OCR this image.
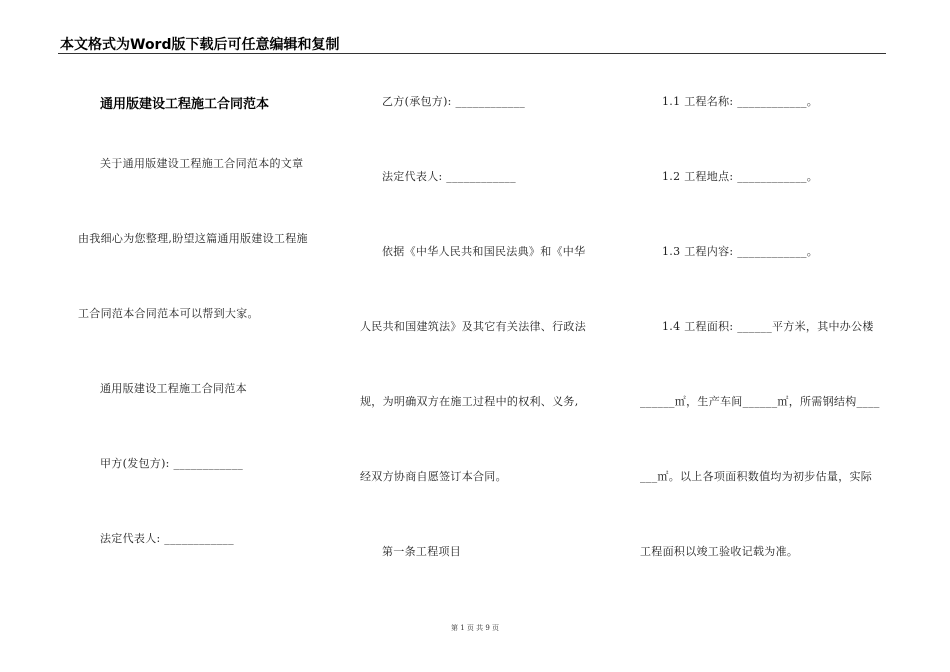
本文格式为Word版下载后可任意编辑和复制
通用版建设工程施工合同范本
关于通用版建设工程施工合同范本的文章
由我细心为您整理,盼望这篇通用版建设工程施
工合同范本合同范本可以帮到大家。
通用版建设工程施工合同范本
甲方(发包方): ____________
法定代表人: ____________
乙方(承包方): ____________
法定代表人: ____________
依据《中华人民共和国民法典》和《中华
人民共和国建筑法》及其它有关法律、行政法
规，为明确双方在施工过程中的权利、义务,
经双方协商自愿签订本合同。
第一条工程项目
1.1 工程名称: ____________。
1.2 工程地点: ____________。
1.3 工程内容: ____________。
1.4 工程面积: ______平方米，其中办公楼
______㎡，生产车间______㎡，所需钢结构____
___㎡。以上各项面积数值均为初步估量，实际
工程面积以竣工验收记载为准。
第 1 页 共 9 页
